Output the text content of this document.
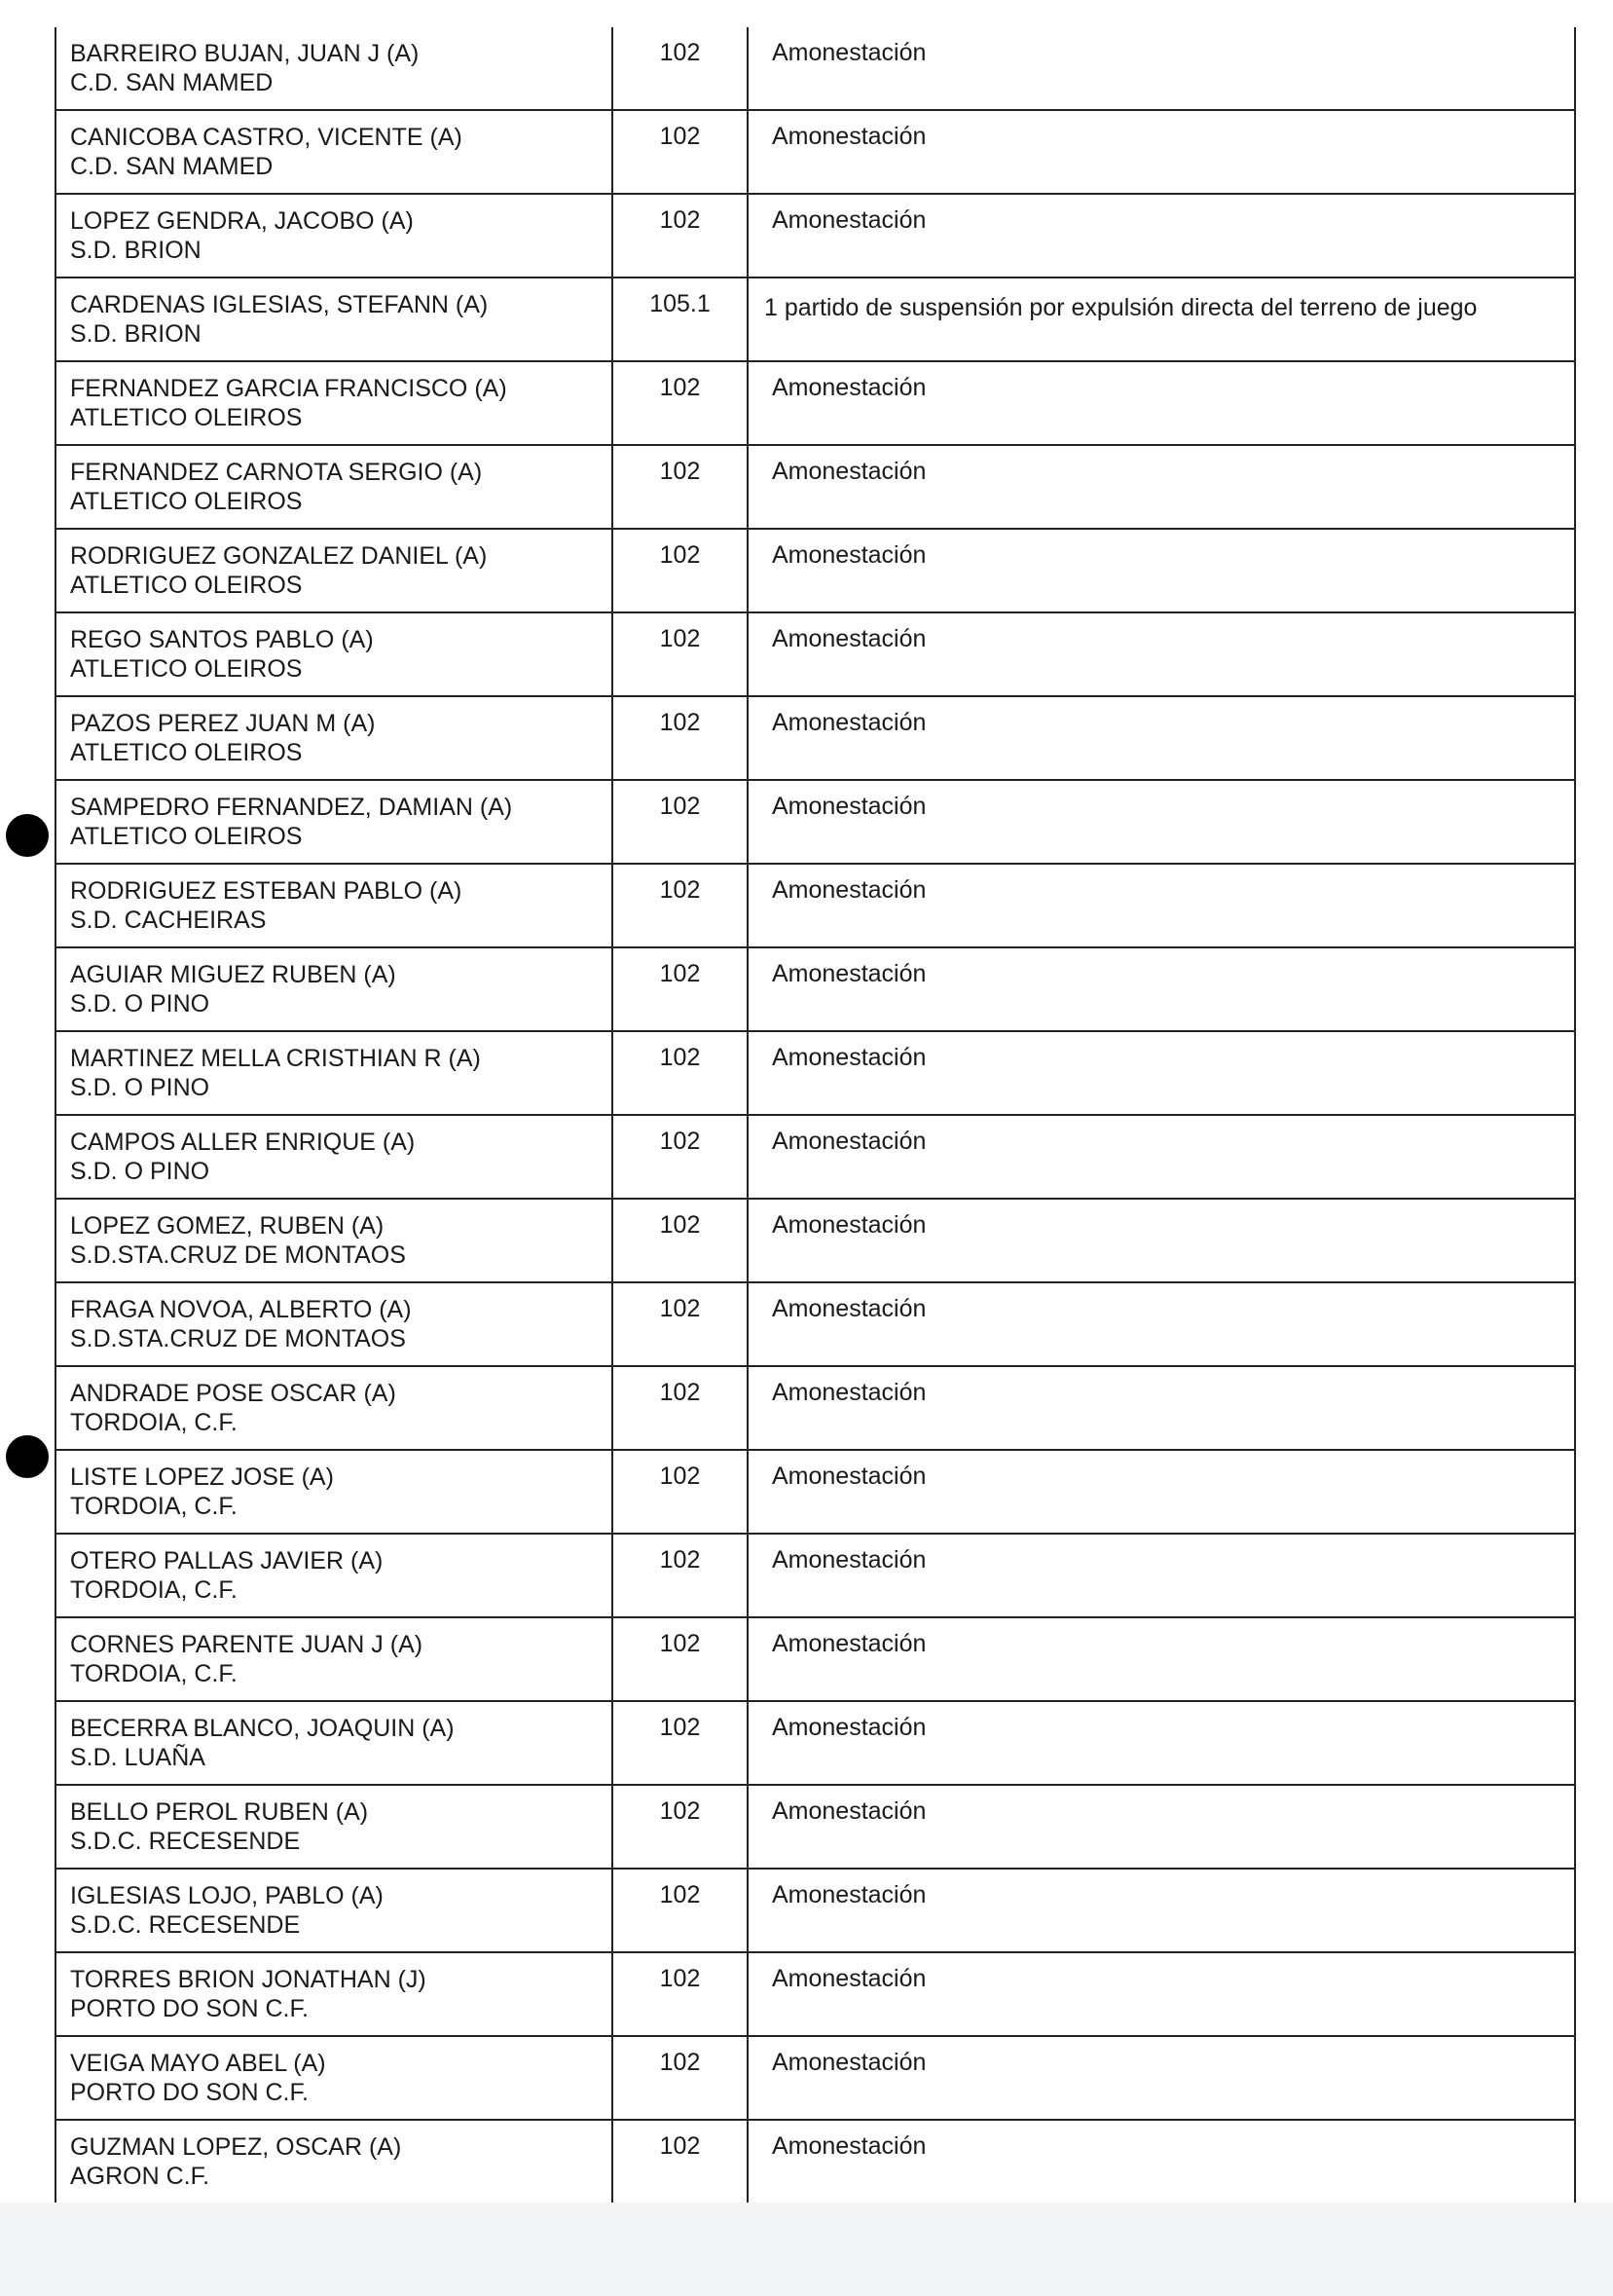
BARREIRO BUJAN, JUAN J (A)
C.D. SAN MAMED
102	Amonestación
CANICOBA CASTRO, VICENTE (A)
C.D. SAN MAMED
102	Amonestación
LOPEZ GENDRA, JACOBO (A)
S.D. BRION
102	Amonestación
CARDENAS IGLESIAS, STEFANN (A)
S.D. BRION
105.1	1 partido de suspensión por expulsión directa del terreno de juego
FERNANDEZ GARCIA FRANCISCO (A)
ATLETICO OLEIROS
102	Amonestación
FERNANDEZ CARNOTA SERGIO (A)
ATLETICO OLEIROS
102	Amonestación
RODRIGUEZ GONZALEZ DANIEL (A)
ATLETICO OLEIROS
102	Amonestación
REGO SANTOS PABLO (A)
ATLETICO OLEIROS
102	Amonestación
PAZOS PEREZ JUAN M (A)
ATLETICO OLEIROS
102	Amonestación
SAMPEDRO FERNANDEZ, DAMIAN (A)
ATLETICO OLEIROS
102	Amonestación
RODRIGUEZ ESTEBAN PABLO (A)
S.D. CACHEIRAS
102	Amonestación
AGUIAR MIGUEZ RUBEN (A)
S.D. O PINO
102	Amonestación
MARTINEZ MELLA CRISTHIAN R (A)
S.D. O PINO
102	Amonestación
CAMPOS ALLER ENRIQUE (A)
S.D. O PINO
102	Amonestación
LOPEZ GOMEZ, RUBEN (A)
S.D.STA.CRUZ DE MONTAOS
102	Amonestación
FRAGA NOVOA, ALBERTO (A)
S.D.STA.CRUZ DE MONTAOS
102	Amonestación
ANDRADE POSE OSCAR (A)
TORDOIA, C.F.
102	Amonestación
LISTE LOPEZ JOSE (A)
TORDOIA, C.F.
102	Amonestación
OTERO PALLAS JAVIER (A)
TORDOIA, C.F.
102	Amonestación
CORNES PARENTE JUAN J (A)
TORDOIA, C.F.
102	Amonestación
BECERRA BLANCO, JOAQUIN (A)
S.D. LUAÑA
102	Amonestación
BELLO PEROL RUBEN (A)
S.D.C. RECESENDE
102	Amonestación
IGLESIAS LOJO, PABLO (A)
S.D.C. RECESENDE
102	Amonestación
TORRES BRION JONATHAN (J)
PORTO DO SON C.F.
102	Amonestación
VEIGA MAYO ABEL (A)
PORTO DO SON C.F.
102	Amonestación
GUZMAN LOPEZ, OSCAR (A)
AGRON C.F.
102	Amonestación
